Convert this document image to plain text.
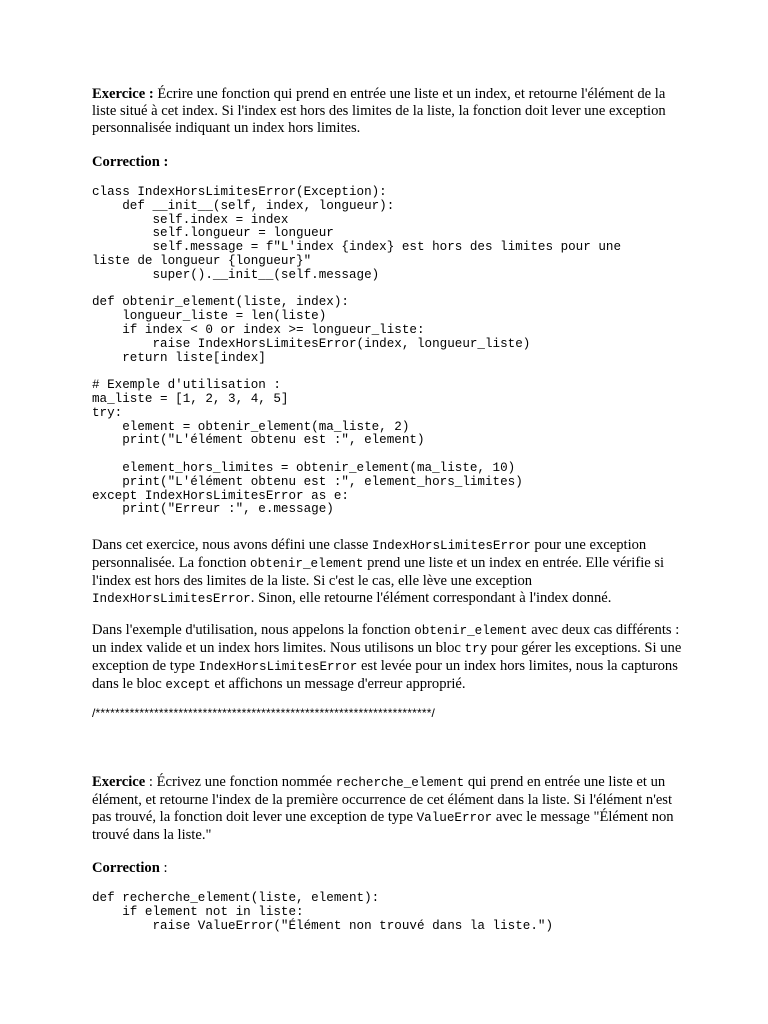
Exercice : Écrire une fonction qui prend en entrée une liste et un index, et retourne l'élément de la liste situé à cet index. Si l'index est hors des limites de la liste, la fonction doit lever une exception personnalisée indiquant un index hors limites.

Correction :

class IndexHorsLimitesError(Exception):
def __init__(self, index, longueur):
self.index = index
self.longueur = longueur
self.message = f"L'index {index} est hors des limites pour une
liste de longueur {longueur}"
super().__init__(self.message)

def obtenir_element(liste, index):
longueur_liste = len(liste)
if index < 0 or index >= longueur_liste:
raise IndexHorsLimitesError(index, longueur_liste)
return liste[index]

# Exemple d'utilisation :
ma_liste = [1, 2, 3, 4, 5]
try:
element = obtenir_element(ma_liste, 2)
print("L'élément obtenu est :", element)

element_hors_limites = obtenir_element(ma_liste, 10)
print("L'élément obtenu est :", element_hors_limites)
except IndexHorsLimitesError as e:
print("Erreur :", e.message)

Dans cet exercice, nous avons défini une classe IndexHorsLimitesError pour une exception personnalisée. La fonction obtenir_element prend une liste et un index en entrée. Elle vérifie si l'index est hors des limites de la liste. Si c'est le cas, elle lève une exception IndexHorsLimitesError. Sinon, elle retourne l'élément correspondant à l'index donné.

Dans l'exemple d'utilisation, nous appelons la fonction obtenir_element avec deux cas différents : un index valide et un index hors limites. Nous utilisons un bloc try pour gérer les exceptions. Si une exception de type IndexHorsLimitesError est levée pour un index hors limites, nous la capturons dans le bloc except et affichons un message d'erreur approprié.

/*********************************************************************/

Exercice : Écrivez une fonction nommée recherche_element qui prend en entrée une liste et un élément, et retourne l'index de la première occurrence de cet élément dans la liste. Si l'élément n'est pas trouvé, la fonction doit lever une exception de type ValueError avec le message "Élément non trouvé dans la liste."

Correction :

def recherche_element(liste, element):
if element not in liste:
raise ValueError("Élément non trouvé dans la liste.")
